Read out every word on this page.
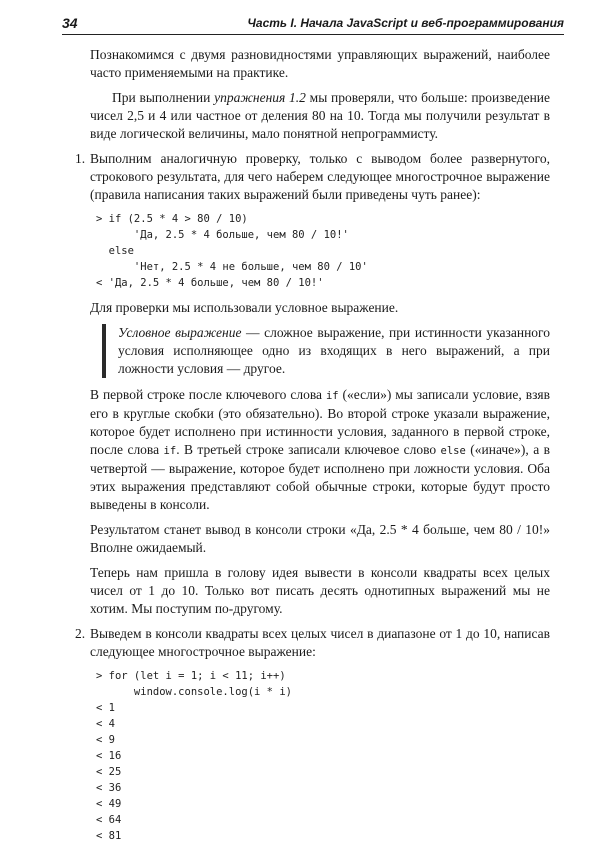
34	Часть I. Начала JavaScript и веб-программирования

Познакомимся с двумя разновидностями управляющих выражений, наиболее часто применяемыми на практике.

При выполнении упражнения 1.2 мы проверяли, что больше: произведение чисел 2,5 и 4 или частное от деления 80 на 10. Тогда мы получили результат в виде логической величины, мало понятной непрограммисту.

1. Выполним аналогичную проверку, только с выводом более развернутого, строкового результата, для чего наберем следующее многострочное выражение (правила написания таких выражений были приведены чуть ранее):

> if (2.5 * 4 > 80 / 10)
'Да, 2.5 * 4 больше, чем 80 / 10!'
else
'Нет, 2.5 * 4 не больше, чем 80 / 10'
< 'Да, 2.5 * 4 больше, чем 80 / 10!'

Для проверки мы использовали условное выражение.

Условное выражение — сложное выражение, при истинности указанного условия исполняющее одно из входящих в него выражений, а при ложности условия — другое.

В первой строке после ключевого слова if («если») мы записали условие, взяв его в круглые скобки (это обязательно). Во второй строке указали выражение, которое будет исполнено при истинности условия, заданного в первой строке, после слова if. В третьей строке записали ключевое слово else («иначе»), а в четвертой — выражение, которое будет исполнено при ложности условия. Оба этих выражения представляют собой обычные строки, которые будут просто выведены в консоли.

Результатом станет вывод в консоли строки «Да, 2.5 * 4 больше, чем 80 / 10!» Вполне ожидаемый.

Теперь нам пришла в голову идея вывести в консоли квадраты всех целых чисел от 1 до 10. Только вот писать десять однотипных выражений мы не хотим. Мы поступим по-другому.

2. Выведем в консоли квадраты всех целых чисел в диапазоне от 1 до 10, написав следующее многострочное выражение:

> for (let i = 1; i < 11; i++)
window.console.log(i * i)
< 1
< 4
< 9
< 16
< 25
< 36
< 49
< 64
< 81
